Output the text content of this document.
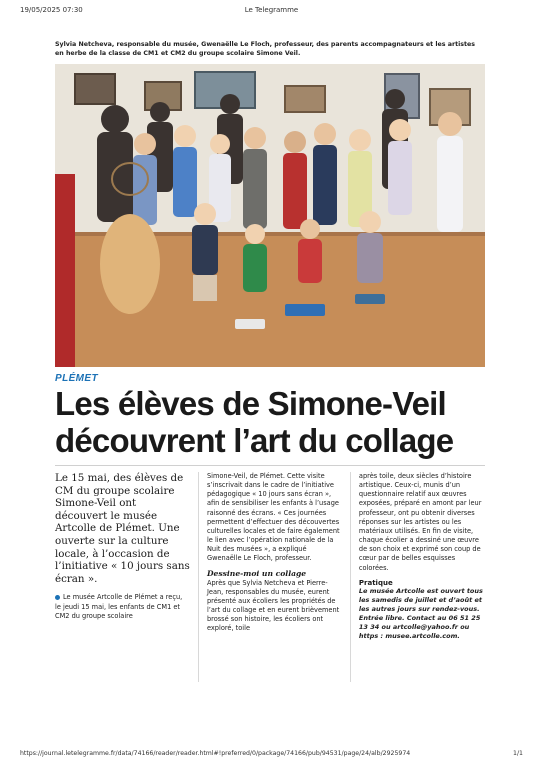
19/05/2025 07:30	Le Telegramme

Sylvia Netcheva, responsable du musée, Gwenaëlle Le Floch, professeur, des parents accompagnateurs et les artistes en herbe de la classe de CM1 et CM2 du groupe scolaire Simone Veil.

PLÉMET
Les élèves de Simone-Veil
découvrent l’art du collage

Le 15 mai, des élèves de CM du groupe scolaire Simone-Veil ont découvert le musée Artcolle de Plémet. Une ouverte sur la culture locale, à l’occasion de l’initiative « 10 jours sans écran ».

Le musée Artcolle de Plémet a reçu, le jeudi 15 mai, les enfants de CM1 et CM2 du groupe scolaire

Simone-Veil, de Plémet. Cette visite s’inscrivait dans le cadre de l’initiative pédagogique « 10 jours sans écran », afin de sensibiliser les enfants à l’usage raisonné des écrans. « Ces journées permettent d’effectuer des découvertes culturelles locales et de faire également le lien avec l’opération nationale de la Nuit des musées », a expliqué Gwenaëlle Le Floch, professeur.

Dessine-moi un collage

Après que Sylvia Netcheva et Pierre-Jean, responsables du musée, eurent présenté aux écoliers les propriétés de l’art du collage et en eurent brièvement brossé son histoire, les écoliers ont exploré, toile

après toile, deux siècles d’histoire artistique. Ceux-ci, munis d’un questionnaire relatif aux œuvres exposées, préparé en amont par leur professeur, ont pu obtenir diverses réponses sur les artistes ou les matériaux utilisés. En fin de visite, chaque écolier a dessiné une œuvre de son choix et exprimé son coup de cœur par de belles esquisses colorées.

Pratique

Le musée Artcolle est ouvert tous les samedis de juillet et d’août et les autres jours sur rendez-vous. Entrée libre. Contact au 06 51 25 13 34 ou artcolle@yahoo.fr ou https : musee.artcolle.com.

https://journal.letelegramme.fr/data/74166/reader/reader.html#!preferred/0/package/74166/pub/94531/page/24/alb/2925974	1/1
